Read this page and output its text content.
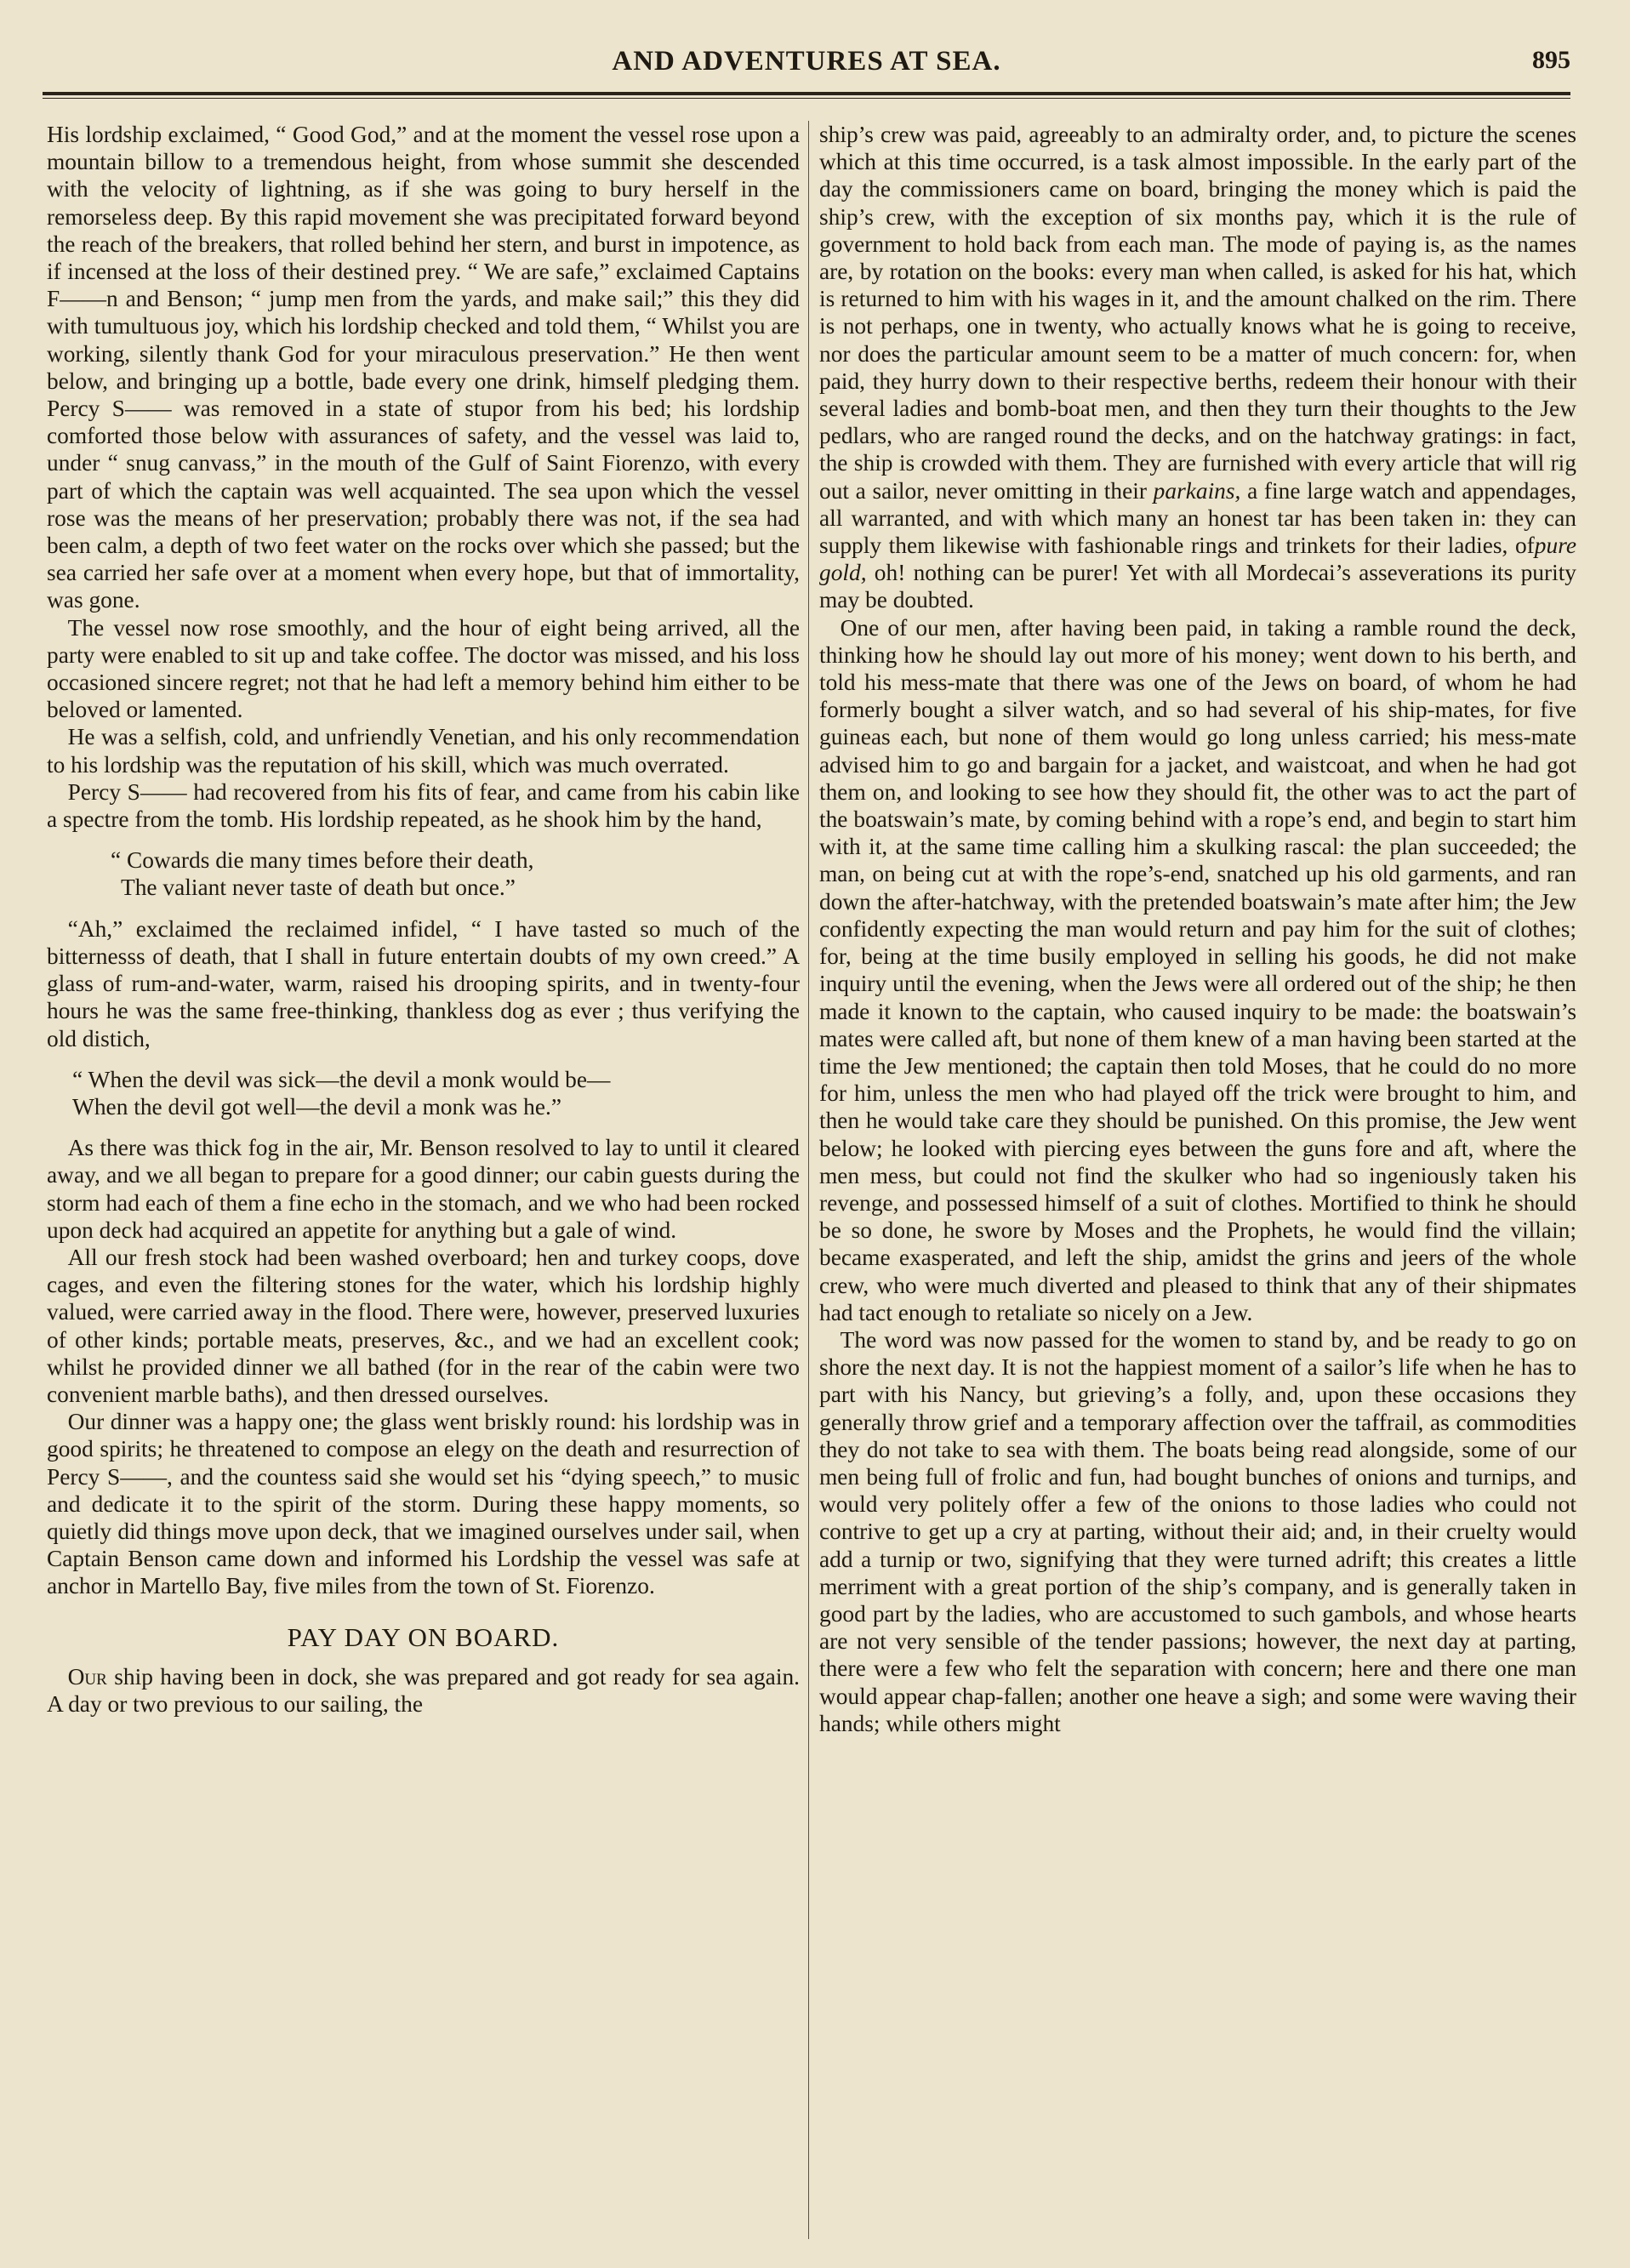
AND ADVENTURES AT SEA.	895

His lordship exclaimed, “ Good God,” and at the moment the vessel rose upon a mountain billow to a tremendous height, from whose summit she descended with the velocity of lightning, as if she was going to bury herself in the remorseless deep. By this rapid movement she was precipitated forward beyond the reach of the breakers, that rolled behind her stern, and burst in impotence, as if incensed at the loss of their destined prey. “ We are safe,” exclaimed Captains F——n and Benson; “ jump men from the yards, and make sail;” this they did with tumultuous joy, which his lordship checked and told them, “ Whilst you are working, silently thank God for your miraculous preservation.” He then went below, and bringing up a bottle, bade every one drink, himself pledging them. Percy S—— was removed in a state of stupor from his bed; his lordship comforted those below with assurances of safety, and the vessel was laid to, under “ snug canvass,” in the mouth of the Gulf of Saint Fiorenzo, with every part of which the captain was well acquainted. The sea upon which the vessel rose was the means of her preservation; probably there was not, if the sea had been calm, a depth of two feet water on the rocks over which she passed; but the sea carried her safe over at a moment when every hope, but that of immortality, was gone.

The vessel now rose smoothly, and the hour of eight being arrived, all the party were enabled to sit up and take coffee. The doctor was missed, and his loss occasioned sincere regret; not that he had left a memory behind him either to be beloved or lamented.

He was a selfish, cold, and unfriendly Venetian, and his only recommendation to his lordship was the reputation of his skill, which was much overrated.

Percy S—— had recovered from his fits of fear, and came from his cabin like a spectre from the tomb. His lordship repeated, as he shook him by the hand,

“ Cowards die many times before their death,
The valiant never taste of death but once.”

“Ah,” exclaimed the reclaimed infidel, “ I have tasted so much of the bitternesss of death, that I shall in future entertain doubts of my own creed.” A glass of rum-and-water, warm, raised his drooping spirits, and in twenty-four hours he was the same free-thinking, thankless dog as ever ; thus verifying the old distich,

“ When the devil was sick—the devil a monk would be—
When the devil got well—the devil a monk was he.”

As there was thick fog in the air, Mr. Benson resolved to lay to until it cleared away, and we all began to prepare for a good dinner; our cabin guests during the storm had each of them a fine echo in the stomach, and we who had been rocked upon deck had acquired an appetite for anything but a gale of wind.

All our fresh stock had been washed overboard; hen and turkey coops, dove cages, and even the filtering stones for the water, which his lordship highly valued, were carried away in the flood. There were, however, preserved luxuries of other kinds; portable meats, preserves, &c., and we had an excellent cook; whilst he provided dinner we all bathed (for in the rear of the cabin were two convenient marble baths), and then dressed ourselves.

Our dinner was a happy one; the glass went briskly round: his lordship was in good spirits; he threatened to compose an elegy on the death and resurrection of Percy S——, and the countess said she would set his “dying speech,” to music and dedicate it to the spirit of the storm. During these happy moments, so quietly did things move upon deck, that we imagined ourselves under sail, when Captain Benson came down and informed his Lordship the vessel was safe at anchor in Martello Bay, five miles from the town of St. Fiorenzo.

PAY DAY ON BOARD.

Our ship having been in dock, she was prepared and got ready for sea again. A day or two previous to our sailing, the

ship’s crew was paid, agreeably to an admiralty order, and, to picture the scenes which at this time occurred, is a task almost impossible. In the early part of the day the commissioners came on board, bringing the money which is paid the ship’s crew, with the exception of six months pay, which it is the rule of government to hold back from each man. The mode of paying is, as the names are, by rotation on the books: every man when called, is asked for his hat, which is returned to him with his wages in it, and the amount chalked on the rim. There is not perhaps, one in twenty, who actually knows what he is going to receive, nor does the particular amount seem to be a matter of much concern: for, when paid, they hurry down to their respective berths, redeem their honour with their several ladies and bomb-boat men, and then they turn their thoughts to the Jew pedlars, who are ranged round the decks, and on the hatchway gratings: in fact, the ship is crowded with them. They are furnished with every article that will rig out a sailor, never omitting in their parkains, a fine large watch and appendages, all warranted, and with which many an honest tar has been taken in: they can supply them likewise with fashionable rings and trinkets for their ladies, ofpure gold, oh! nothing can be purer! Yet with all Mordecai’s asseverations its purity may be doubted.

One of our men, after having been paid, in taking a ramble round the deck, thinking how he should lay out more of his money; went down to his berth, and told his mess-mate that there was one of the Jews on board, of whom he had formerly bought a silver watch, and so had several of his ship-mates, for five guineas each, but none of them would go long unless carried; his mess-mate advised him to go and bargain for a jacket, and waistcoat, and when he had got them on, and looking to see how they should fit, the other was to act the part of the boatswain’s mate, by coming behind with a rope’s end, and begin to start him with it, at the same time calling him a skulking rascal: the plan succeeded; the man, on being cut at with the rope’s-end, snatched up his old garments, and ran down the after-hatchway, with the pretended boatswain’s mate after him; the Jew confidently expecting the man would return and pay him for the suit of clothes; for, being at the time busily employed in selling his goods, he did not make inquiry until the evening, when the Jews were all ordered out of the ship; he then made it known to the captain, who caused inquiry to be made: the boatswain’s mates were called aft, but none of them knew of a man having been started at the time the Jew mentioned; the captain then told Moses, that he could do no more for him, unless the men who had played off the trick were brought to him, and then he would take care they should be punished. On this promise, the Jew went below; he looked with piercing eyes between the guns fore and aft, where the men mess, but could not find the skulker who had so ingeniously taken his revenge, and possessed himself of a suit of clothes. Mortified to think he should be so done, he swore by Moses and the Prophets, he would find the villain; became exasperated, and left the ship, amidst the grins and jeers of the whole crew, who were much diverted and pleased to think that any of their shipmates had tact enough to retaliate so nicely on a Jew.

The word was now passed for the women to stand by, and be ready to go on shore the next day. It is not the happiest moment of a sailor’s life when he has to part with his Nancy, but grieving’s a folly, and, upon these occasions they generally throw grief and a temporary affection over the taffrail, as commodities they do not take to sea with them. The boats being read alongside, some of our men being full of frolic and fun, had bought bunches of onions and turnips, and would very politely offer a few of the onions to those ladies who could not contrive to get up a cry at parting, without their aid; and, in their cruelty would add a turnip or two, signifying that they were turned adrift; this creates a little merriment with a great portion of the ship’s company, and is generally taken in good part by the ladies, who are accustomed to such gambols, and whose hearts are not very sensible of the tender passions; however, the next day at parting, there were a few who felt the separation with concern; here and there one man would appear chap-fallen; another one heave a sigh; and some were waving their hands; while others might
